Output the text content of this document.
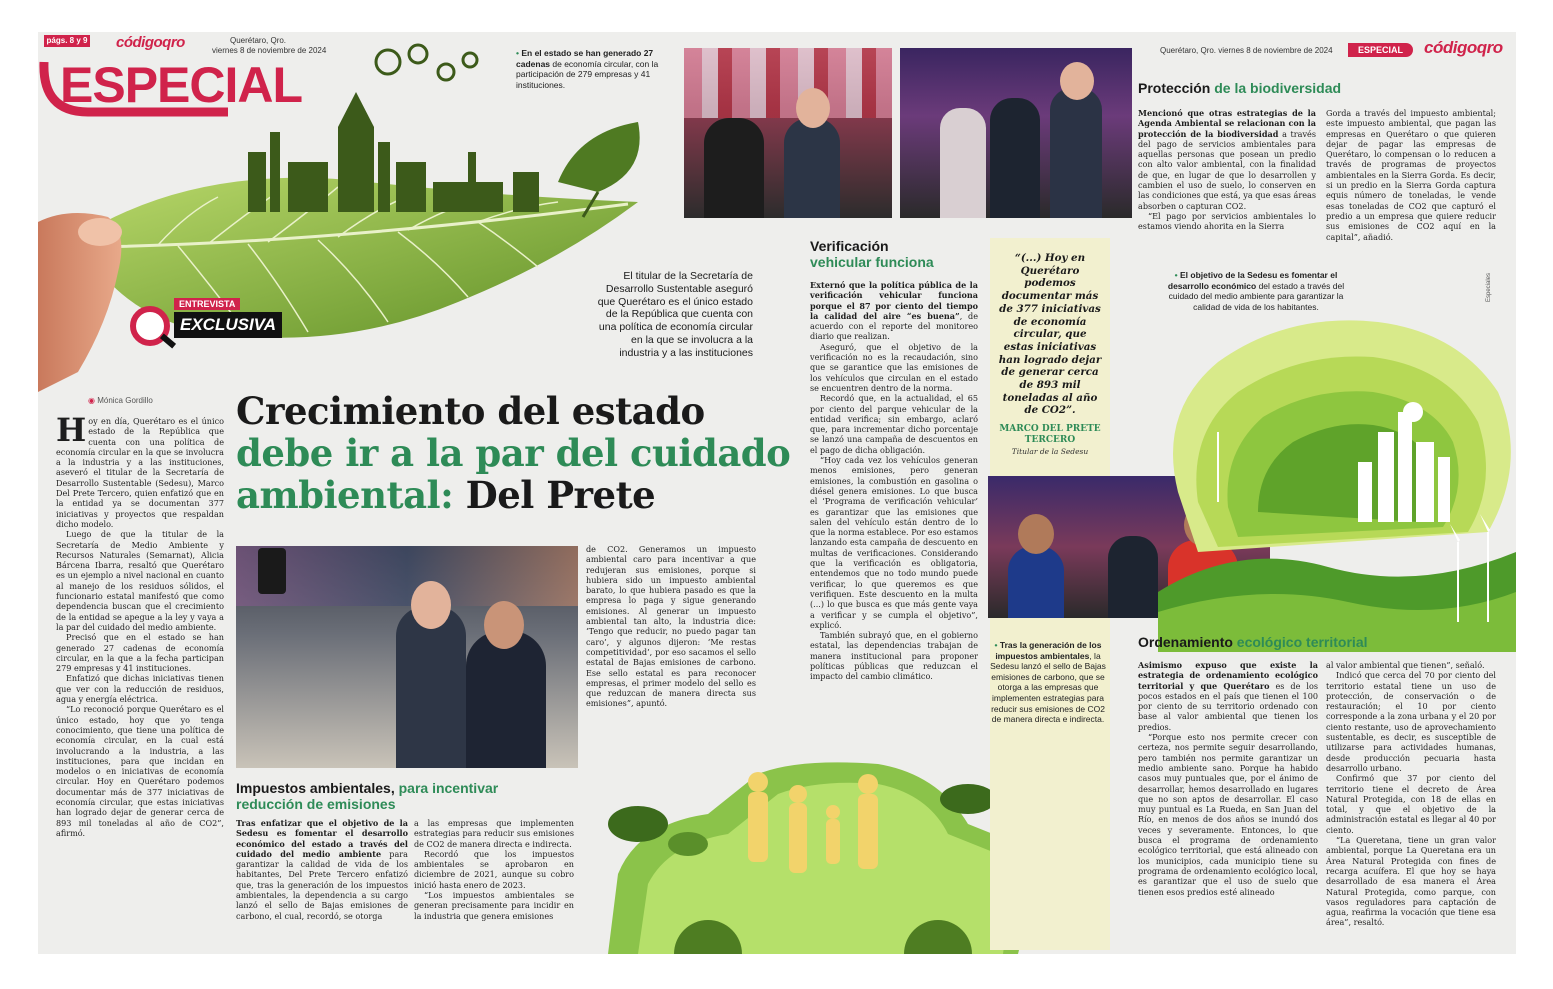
págs. 8 y 9 códigoqro	Querétaro, Qro.
viernes 8 de noviembre de 2024
ESPECIAL
• En el estado se han generado 27 cadenas de economía circular, con la participación de 279 empresas y 41 instituciones.
ENTREVISTA
EXCLUSIVA
El titular de la Secretaría de Desarrollo Sustentable aseguró que Querétaro es el único estado de la República que cuenta con una política de economía circular en la que se involucra a la industria y a las instituciones
◉ Mónica Gordillo Crecimiento del estado
debe ir a la par del cuidado
ambiental: Del Prete

Hoy en día, Querétaro es el único estado de la República que cuenta con una política de economía circular en la que se involucra a la industria y a las instituciones, aseveró el titular de la Secretaría de Desarrollo Sustentable (Sedesu), Marco Del Prete Tercero, quien enfatizó que en la entidad ya se documentan 377 iniciativas y proyectos que respaldan dicho modelo.

Luego de que la titular de la Secretaría de Medio Ambiente y Recursos Naturales (Semarnat), Alicia Bárcena Ibarra, resaltó que Querétaro es un ejemplo a nivel nacional en cuanto al manejo de los residuos sólidos, el funcionario estatal manifestó que como dependencia buscan que el crecimiento de la entidad se apegue a la ley y vaya a la par del cuidado del medio ambiente.

Precisó que en el estado se han generado 27 cadenas de economía circular, en la que a la fecha participan 279 empresas y 41 instituciones.

Enfatizó que dichas iniciativas tienen que ver con la reducción de residuos, agua y energía eléctrica.

“Lo reconoció porque Querétaro es el único estado, hoy que yo tenga conocimiento, que tiene una política de economía circular, en la cual está involucrando a la industria, a las instituciones, para que incidan en modelos o en iniciativas de economía circular. Hoy en Querétaro podemos documentar más de 377 iniciativas de economía circular, que estas iniciativas han logrado dejar de generar cerca de 893 mil toneladas al año de CO2”, afirmó.

de CO2. Generamos un impuesto ambiental caro para incentivar a que redujeran sus emisiones, porque si hubiera sido un impuesto ambiental barato, lo que hubiera pasado es que la empresa lo paga y sigue generando emisiones. Al generar un impuesto ambiental tan alto, la industria dice: ‘Tengo que reducir, no puedo pagar tan caro’, y algunos dijeron: ‘Me restas competitividad’, por eso sacamos el sello estatal de Bajas emisiones de carbono. Ese sello estatal es para reconocer empresas, el primer modelo del sello es que reduzcan de manera directa sus emisiones”, apuntó.

Impuestos ambientales, para incentivar reducción de emisiones

Tras enfatizar que el objetivo de la Sedesu es fomentar el desarrollo económico del estado a través del cuidado del medio ambiente para garantizar la calidad de vida de los habitantes, Del Prete Tercero enfatizó que, tras la generación de los impuestos ambientales, la dependencia a su cargo lanzó el sello de Bajas emisiones de carbono, el cual, recordó, se otorga

a las empresas que implementen estrategias para reducir sus emisiones de CO2 de manera directa e indirecta.

Recordó que los impuestos ambientales se aprobaron en diciembre de 2021, aunque su cobro inició hasta enero de 2023.

“Los impuestos ambientales se generan precisamente para incidir en la industria que genera emisiones

Verificación
vehicular funciona

Externó que la política pública de la verificación vehicular funciona porque el 87 por ciento del tiempo la calidad del aire “es buena”, de acuerdo con el reporte del monitoreo diario que realizan.

Aseguró, que el objetivo de la verificación no es la recaudación, sino que se garantice que las emisiones de los vehículos que circulan en el estado se encuentren dentro de la norma.

Recordó que, en la actualidad, el 65 por ciento del parque vehicular de la entidad verifica; sin embargo, aclaró que, para incrementar dicho porcentaje se lanzó una campaña de descuentos en el pago de dicha obligación.

“Hoy cada vez los vehículos generan menos emisiones, pero generan emisiones, la combustión en gasolina o diésel genera emisiones. Lo que busca el ‘Programa de verificación vehicular’ es garantizar que las emisiones que salen del vehículo están dentro de lo que la norma establece. Por eso estamos lanzando esta campaña de descuento en multas de verificaciones. Considerando que la verificación es obligatoria, entendemos que no todo mundo puede verificar, lo que queremos es que verifiquen. Este descuento en la multa (...) lo que busca es que más gente vaya a verificar y se cumpla el objetivo”, explicó.

También subrayó que, en el gobierno estatal, las dependencias trabajan de manera institucional para proponer políticas públicas que reduzcan el impacto del cambio climático.

“(...) Hoy en Querétaro podemos documentar más de 377 iniciativas de economía circular, que estas iniciativas han logrado dejar de generar cerca de 893 mil toneladas al año de CO2”.
MARCO DEL PRETE TERCERO
Titular de la Sedesu
• Tras la generación de los impuestos ambientales, la Sedesu lanzó el sello de Bajas emisiones de carbono, que se otorga a las empresas que implementen estrategias para reducir sus emisiones de CO2 de manera directa e indirecta.
Querétaro, Qro. viernes 8 de noviembre de 2024	ESPECIAL	códigoqro
Especiales
Protección de la biodiversidad

Mencionó que otras estrategias de la Agenda Ambiental se relacionan con la protección de la biodiversidad a través del pago de servicios ambientales para aquellas personas que posean un predio con alto valor ambiental, con la finalidad de que, en lugar de que lo desarrollen y cambien el uso de suelo, lo conserven en las condiciones que está, ya que esas áreas absorben o capturan CO2.

“El pago por servicios ambientales lo estamos viendo ahorita en la Sierra

Gorda a través del impuesto ambiental; este impuesto ambiental, que pagan las empresas en Querétaro o que quieren dejar de pagar las empresas de Querétaro, lo compensan o lo reducen a través de programas de proyectos ambientales en la Sierra Gorda. Es decir, si un predio en la Sierra Gorda captura equis número de toneladas, le vende esas toneladas de CO2 que capturó el predio a un empresa que quiere reducir sus emisiones de CO2 aquí en la capital”, añadió.

• El objetivo de la Sedesu es fomentar el desarrollo económico del estado a través del cuidado del medio ambiente para garantizar la calidad de vida de los habitantes.
Ordenamiento ecológico territorial

Asimismo expuso que existe la estrategia de ordenamiento ecológico territorial y que Querétaro es de los pocos estados en el país que tienen el 100 por ciento de su territorio ordenado con base al valor ambiental que tienen los predios.

“Porque esto nos permite crecer con certeza, nos permite seguir desarrollando, pero también nos permite garantizar un medio ambiente sano. Porque ha habido casos muy puntuales que, por el ánimo de desarrollar, hemos desarrollado en lugares que no son aptos de desarrollar. El caso muy puntual es La Rueda, en San Juan del Río, en menos de dos años se inundó dos veces y severamente. Entonces, lo que busca el programa de ordenamiento ecológico territorial, que está alineado con los municipios, cada municipio tiene su programa de ordenamiento ecológico local, es garantizar que el uso de suelo que tienen esos predios esté alineado

al valor ambiental que tienen”, señaló.

Indicó que cerca del 70 por ciento del territorio estatal tiene un uso de protección, de conservación o de restauración; el 10 por ciento corresponde a la zona urbana y el 20 por ciento restante, uso de aprovechamiento sustentable, es decir, es susceptible de utilizarse para actividades humanas, desde producción pecuaria hasta desarrollo urbano.

Confirmó que 37 por ciento del territorio tiene el decreto de Área Natural Protegida, con 18 de ellas en total, y que el objetivo de la administración estatal es llegar al 40 por ciento.

“La Queretana, tiene un gran valor ambiental, porque La Queretana era un Área Natural Protegida con fines de recarga acuífera. El que hoy se haya desarrollado de esa manera el Área Natural Protegida, como parque, con vasos reguladores para captación de agua, reafirma la vocación que tiene esa área”, resaltó.
